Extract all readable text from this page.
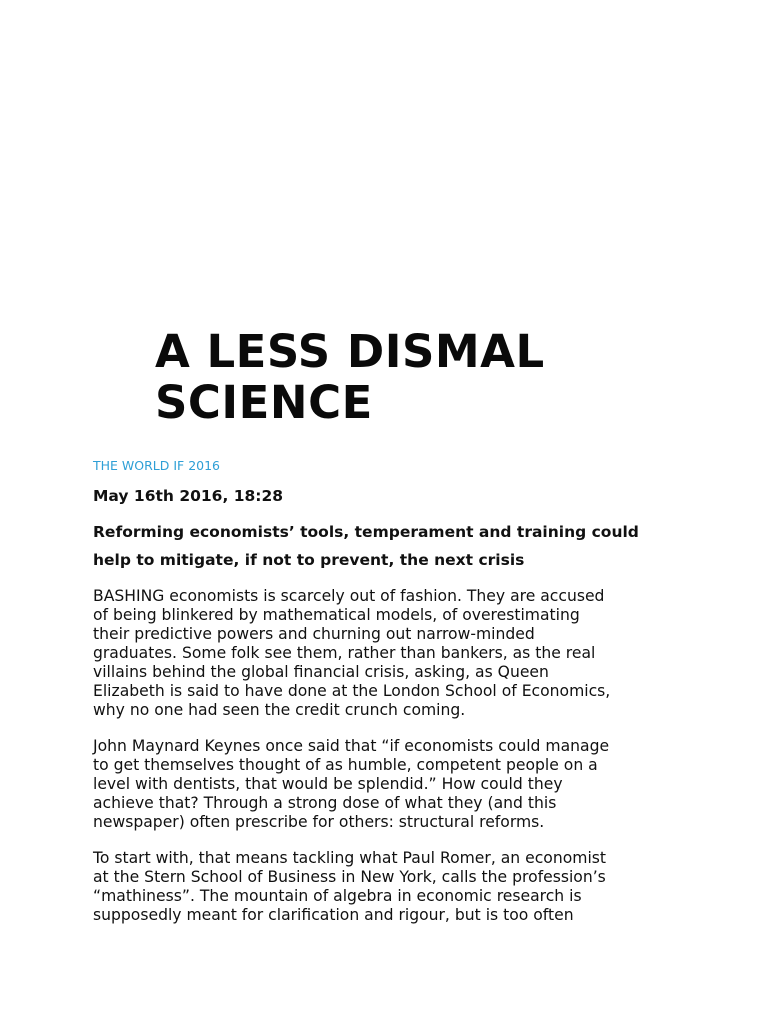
A LESS DISMAL SCIENCE
THE WORLD IF 2016
May 16th 2016, 18:28
Reforming economists’ tools, temperament and training could help to mitigate, if not to prevent, the next crisis

BASHING economists is scarcely out of fashion. They are accused
of being blinkered by mathematical models, of overestimating
their predictive powers and churning out narrow-minded
graduates. Some folk see them, rather than bankers, as the real
villains behind the global financial crisis, asking, as Queen
Elizabeth is said to have done at the London School of Economics,
why no one had seen the credit crunch coming.

John Maynard Keynes once said that “if economists could manage
to get themselves thought of as humble, competent people on a
level with dentists, that would be splendid.” How could they
achieve that? Through a strong dose of what they (and this
newspaper) often prescribe for others: structural reforms.

To start with, that means tackling what Paul Romer, an economist
at the Stern School of Business in New York, calls the profession’s
“mathiness”. The mountain of algebra in economic research is
supposedly meant for clarification and rigour, but is too often
